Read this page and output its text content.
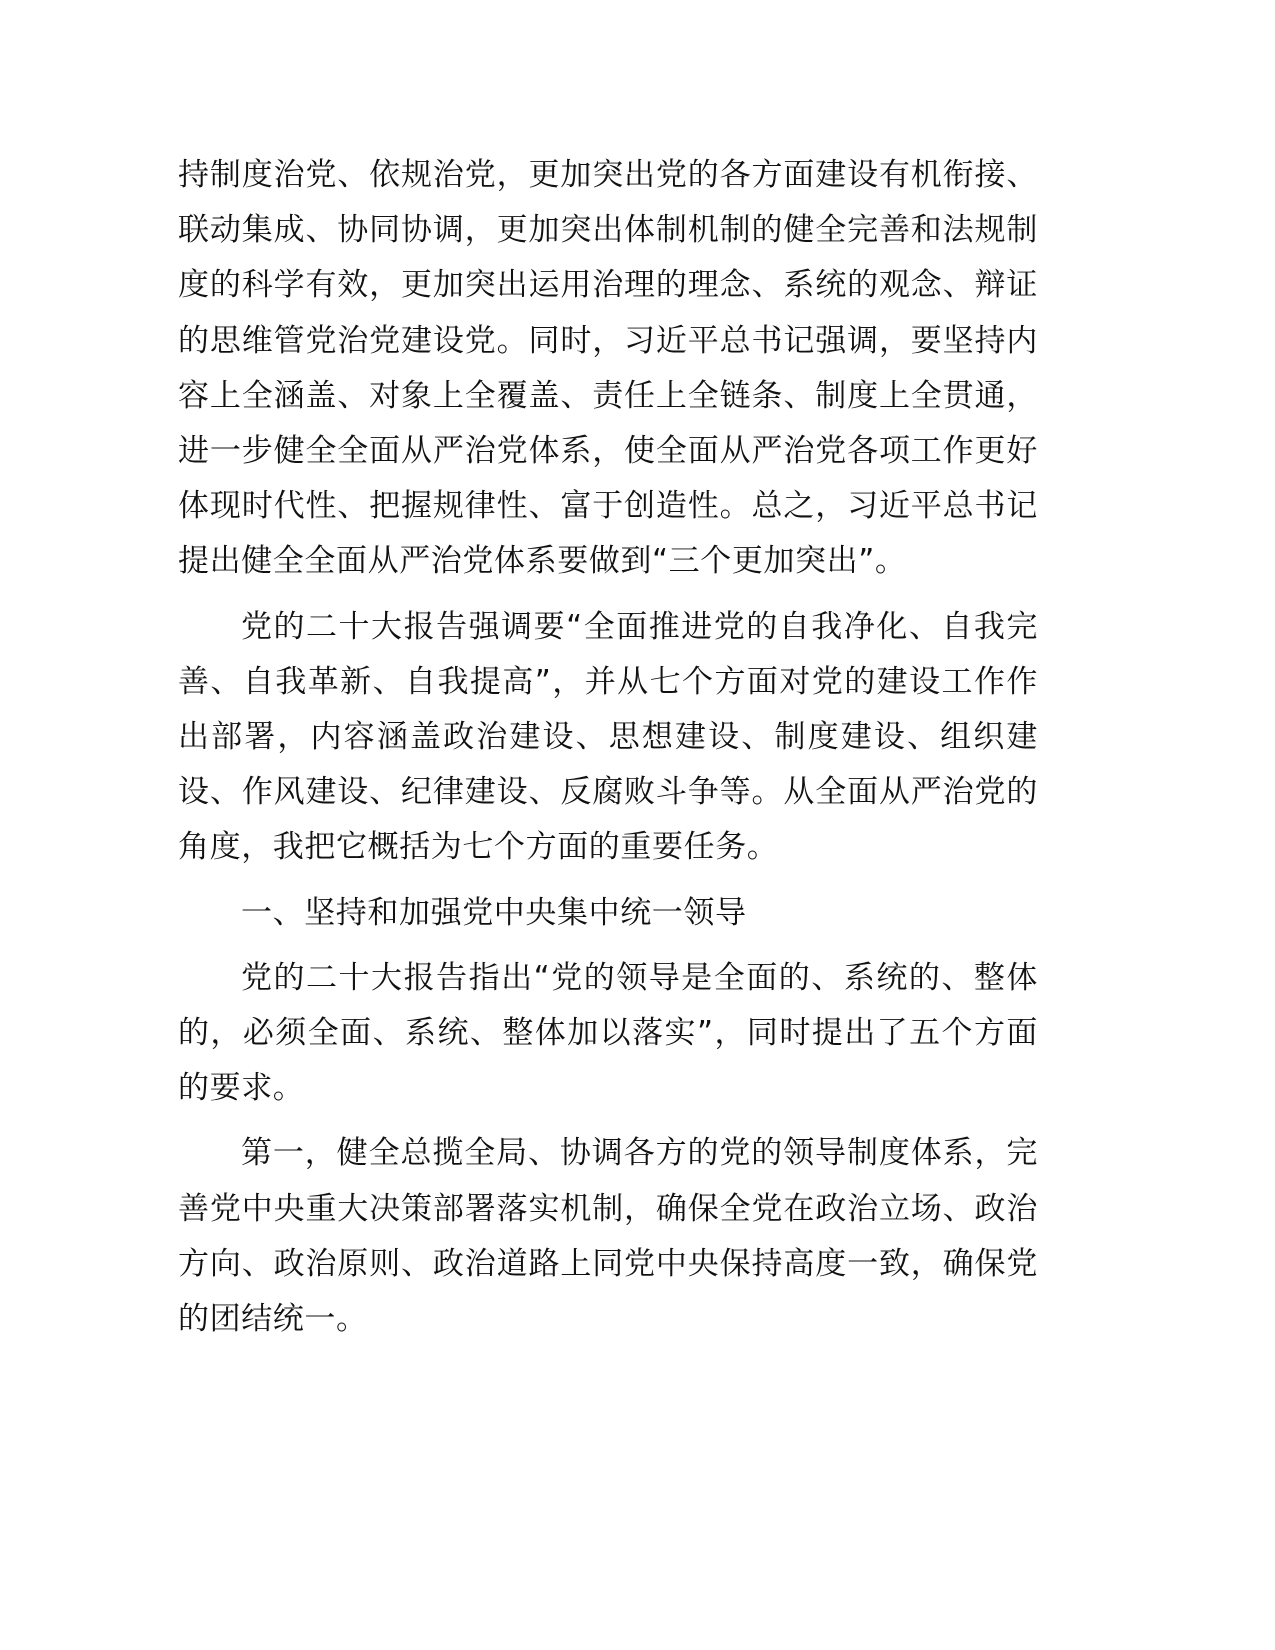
持制度治党、依规治党，更加突出党的各方面建设有机衔接、联动集成、协同协调，更加突出体制机制的健全完善和法规制度的科学有效，更加突出运用治理的理念、系统的观念、辩证的思维管党治党建设党。同时，习近平总书记强调，要坚持内容上全涵盖、对象上全覆盖、责任上全链条、制度上全贯通，进一步健全全面从严治党体系，使全面从严治党各项工作更好体现时代性、把握规律性、富于创造性。总之，习近平总书记提出健全全面从严治党体系要做到“三个更加突出”。

党的二十大报告强调要“全面推进党的自我净化、自我完善、自我革新、自我提高”，并从七个方面对党的建设工作作出部署，内容涵盖政治建设、思想建设、制度建设、组织建设、作风建设、纪律建设、反腐败斗争等。从全面从严治党的角度，我把它概括为七个方面的重要任务。

一、坚持和加强党中央集中统一领导

党的二十大报告指出“党的领导是全面的、系统的、整体的，必须全面、系统、整体加以落实”，同时提出了五个方面的要求。

第一，健全总揽全局、协调各方的党的领导制度体系，完善党中央重大决策部署落实机制，确保全党在政治立场、政治方向、政治原则、政治道路上同党中央保持高度一致，确保党的团结统一。
